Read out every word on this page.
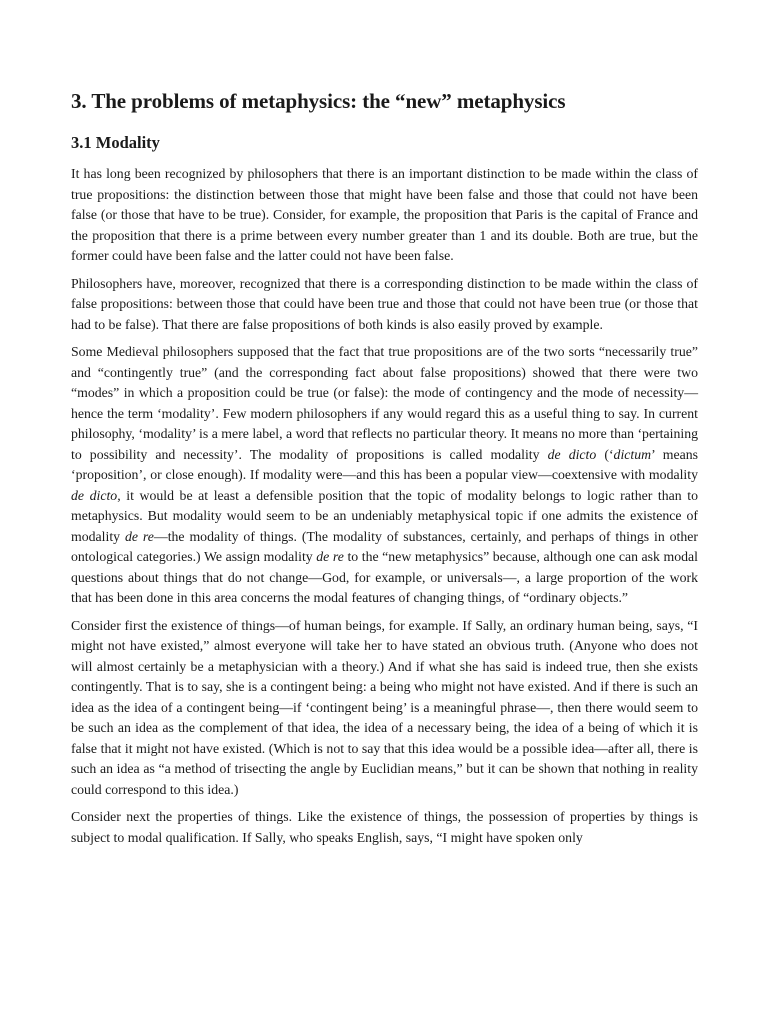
3. The problems of metaphysics: the “new” metaphysics
3.1 Modality

It has long been recognized by philosophers that there is an important distinction to be made within the class of true propositions: the distinction between those that might have been false and those that could not have been false (or those that have to be true). Consider, for example, the proposition that Paris is the capital of France and the proposition that there is a prime between every number greater than 1 and its double. Both are true, but the former could have been false and the latter could not have been false.

Philosophers have, moreover, recognized that there is a corresponding distinction to be made within the class of false propositions: between those that could have been true and those that could not have been true (or those that had to be false). That there are false propositions of both kinds is also easily proved by example.

Some Medieval philosophers supposed that the fact that true propositions are of the two sorts “necessarily true” and “contingently true” (and the corresponding fact about false propositions) showed that there were two “modes” in which a proposition could be true (or false): the mode of contingency and the mode of necessity—hence the term ‘modality’. Few modern philosophers if any would regard this as a useful thing to say. In current philosophy, ‘modality’ is a mere label, a word that reflects no particular theory. It means no more than ‘pertaining to possibility and necessity’. The modality of propositions is called modality de dicto (‘dictum’ means ‘proposition’, or close enough). If modality were—and this has been a popular view—coextensive with modality de dicto, it would be at least a defensible position that the topic of modality belongs to logic rather than to metaphysics. But modality would seem to be an undeniably metaphysical topic if one admits the existence of modality de re—the modality of things. (The modality of substances, certainly, and perhaps of things in other ontological categories.) We assign modality de re to the “new metaphysics” because, although one can ask modal questions about things that do not change—God, for example, or universals—, a large proportion of the work that has been done in this area concerns the modal features of changing things, of “ordinary objects.”

Consider first the existence of things—of human beings, for example. If Sally, an ordinary human being, says, “I might not have existed,” almost everyone will take her to have stated an obvious truth. (Anyone who does not will almost certainly be a metaphysician with a theory.) And if what she has said is indeed true, then she exists contingently. That is to say, she is a contingent being: a being who might not have existed. And if there is such an idea as the idea of a contingent being—if ‘contingent being’ is a meaningful phrase—, then there would seem to be such an idea as the complement of that idea, the idea of a necessary being, the idea of a being of which it is false that it might not have existed. (Which is not to say that this idea would be a possible idea—after all, there is such an idea as “a method of trisecting the angle by Euclidian means,” but it can be shown that nothing in reality could correspond to this idea.)

Consider next the properties of things. Like the existence of things, the possession of properties by things is subject to modal qualification. If Sally, who speaks English, says, “I might have spoken only
